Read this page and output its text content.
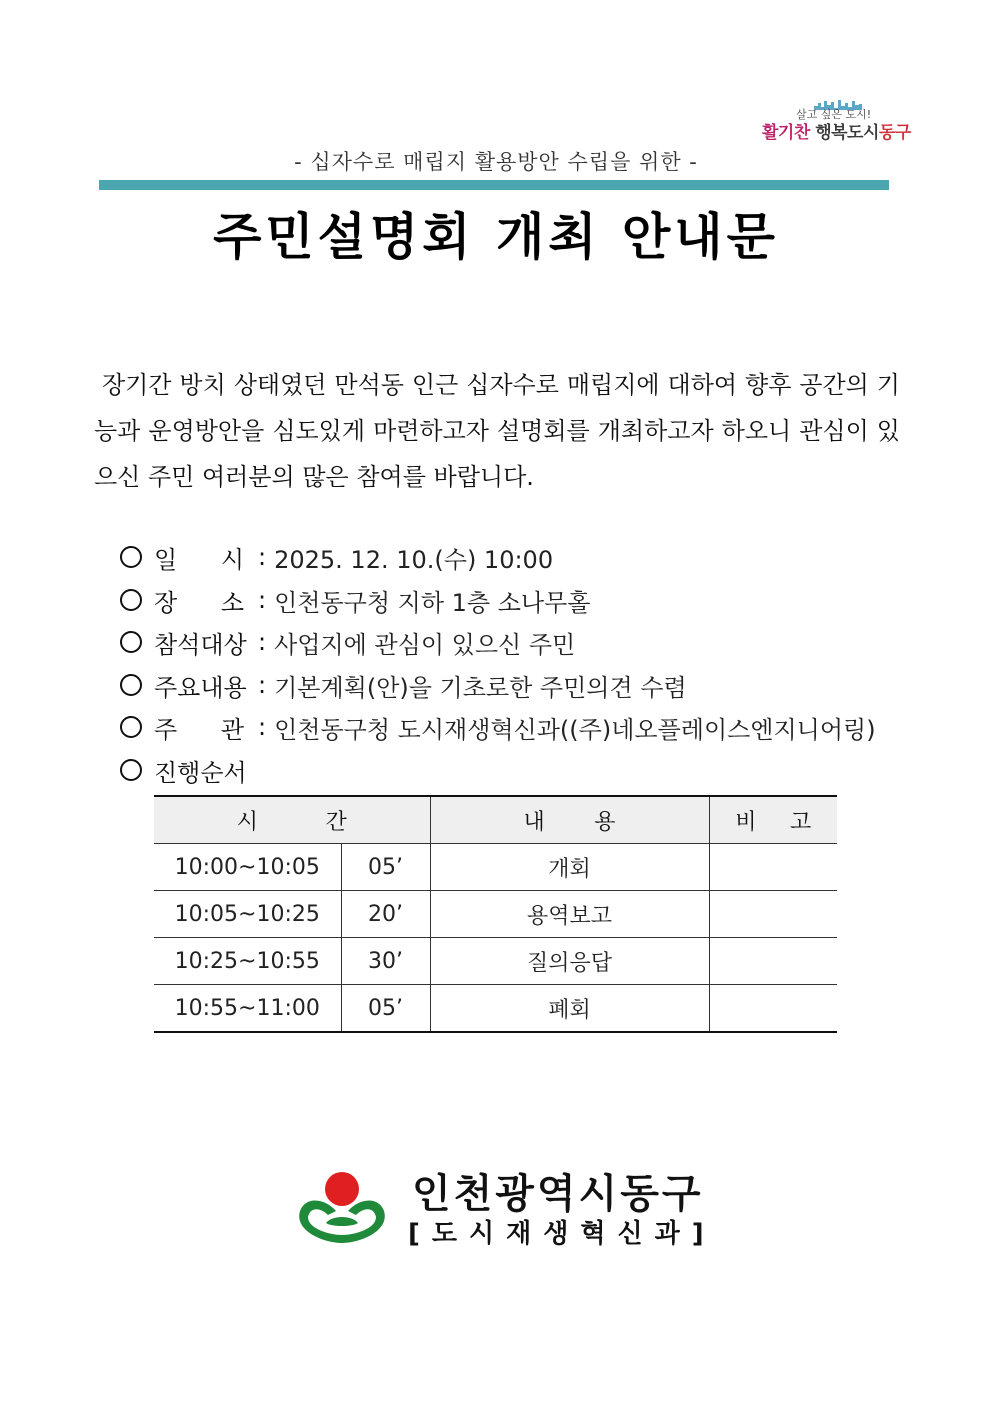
살고 싶은 도시!
활기찬 행복도시동구
- 십자수로 매립지 활용방안 수립을 위한 -
주민설명회 개최 안내문
장기간 방치 상태였던 만석동 인근 십자수로 매립지에 대하여 향후 공간의 기능과 운영방안을 심도있게 마련하고자 설명회를 개최하고자 하오니 관심이 있으신 주민 여러분의 많은 참여를 바랍니다.
일 시 : 2025. 12. 10.(수) 10:00
장 소 : 인천동구청 지하 1층 소나무홀
참석대상 : 사업지에 관심이 있으신 주민
주요내용 : 기본계획(안)을 기초로한 주민의견 수렴
주 관 : 인천동구청 도시재생혁신과((주)네오플레이스엔지니어링)
진행순서
시 간		내 용	비 고

10:00~10:05	05’	개회	
10:05~10:25	20’	용역보고	
10:25~10:55	30’	질의응답	
10:55~11:00	05’	폐회	
인천광역시동구
[도시재생혁신과]
